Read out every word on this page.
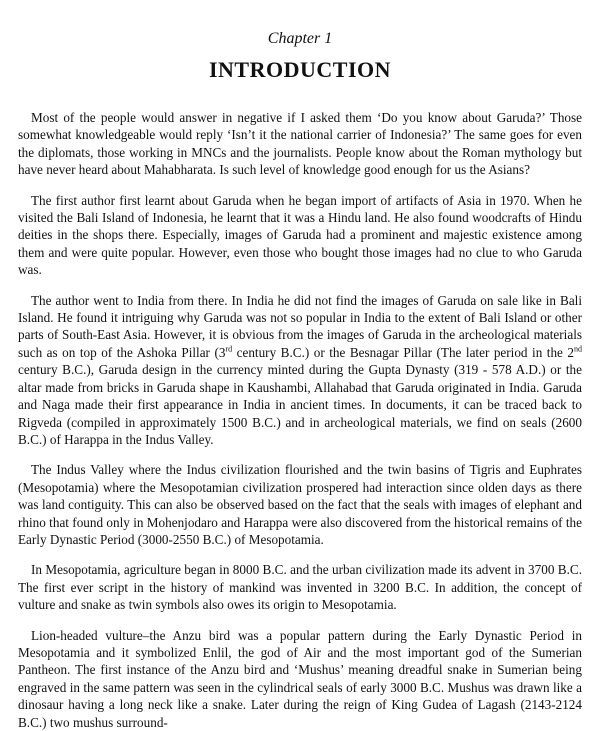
Chapter 1

INTRODUCTION

Most of the people would answer in negative if I asked them ‘Do you know about Garuda?’ Those somewhat knowledgeable would reply ‘Isn’t it the national carrier of Indonesia?’ The same goes for even the diplomats, those working in MNCs and the journalists. People know about the Roman mythology but have never heard about Mahabharata. Is such level of knowledge good enough for us the Asians?

The first author first learnt about Garuda when he began import of artifacts of Asia in 1970. When he visited the Bali Island of Indonesia, he learnt that it was a Hindu land. He also found woodcrafts of Hindu deities in the shops there. Especially, images of Garuda had a prominent and majestic existence among them and were quite popular. However, even those who bought those images had no clue to who Garuda was.

The author went to India from there. In India he did not find the images of Garuda on sale like in Bali Island. He found it intriguing why Garuda was not so popular in India to the extent of Bali Island or other parts of South-East Asia. However, it is obvious from the images of Garuda in the archeological materials such as on top of the Ashoka Pillar (3rd century B.C.) or the Besnagar Pillar (The later period in the 2nd century B.C.), Garuda design in the currency minted during the Gupta Dynasty (319 - 578 A.D.) or the altar made from bricks in Garuda shape in Kaushambi, Allahabad that Garuda originated in India. Garuda and Naga made their first appearance in India in ancient times. In documents, it can be traced back to Rigveda (compiled in approximately 1500 B.C.) and in archeological materials, we find on seals (2600 B.C.) of Harappa in the Indus Valley.

The Indus Valley where the Indus civilization flourished and the twin basins of Tigris and Euphrates (Mesopotamia) where the Mesopotamian civilization prospered had interaction since olden days as there was land contiguity. This can also be observed based on the fact that the seals with images of elephant and rhino that found only in Mohenjodaro and Harappa were also discovered from the historical remains of the Early Dynastic Period (3000-2550 B.C.) of Mesopotamia.

In Mesopotamia, agriculture began in 8000 B.C. and the urban civilization made its advent in 3700 B.C. The first ever script in the history of mankind was invented in 3200 B.C. In addition, the concept of vulture and snake as twin symbols also owes its origin to Mesopotamia.

Lion-headed vulture–the Anzu bird was a popular pattern during the Early Dynastic Period in Mesopotamia and it symbolized Enlil, the god of Air and the most important god of the Sumerian Pantheon. The first instance of the Anzu bird and ‘Mushus’ meaning dreadful snake in Sumerian being engraved in the same pattern was seen in the cylindrical seals of early 3000 B.C. Mushus was drawn like a dinosaur having a long neck like a snake. Later during the reign of King Gudea of Lagash (2143-2124 B.C.) two mushus surround-
